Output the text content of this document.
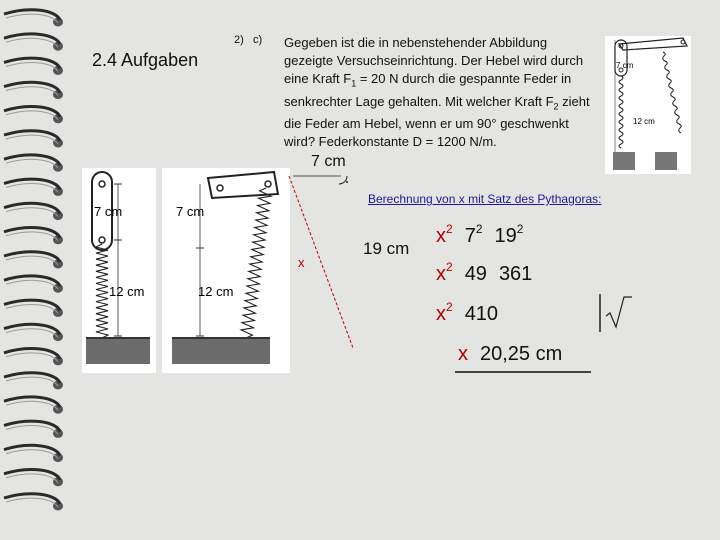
2.4 Aufgaben
2) c) Gegeben ist die in nebenstehender Abbildung gezeigte Versuchseinrichtung. Der Hebel wird durch eine Kraft $F_1 = 20$ N durch die gespannte Feder in senkrechter Lage gehalten. Mit welcher Kraft $F_2$ zieht die Feder am Hebel, wenn er um 90° geschwenkt wird? Federkonstante D = 1200 N/m.
7 cm
12 cm
7 cm
12 cm
7 cm
12 cm
7 cm
Berechnung von x mit Satz des Pythagoras:
x
19 cm
$x^2$ $7^2$ $19^2$
$x^2$ 49 361
$x^2$ 410
x 20,25 cm
